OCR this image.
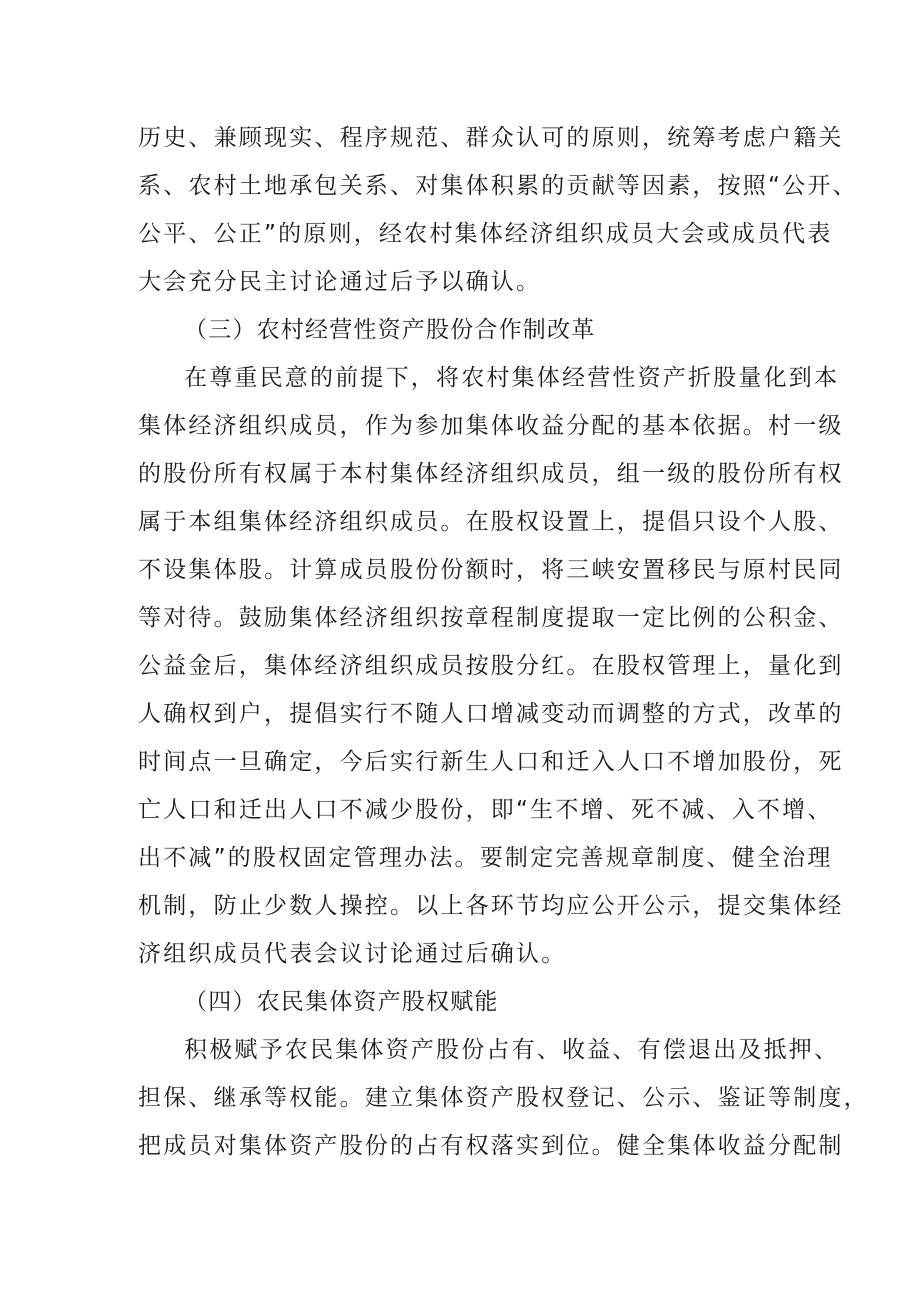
历史、兼顾现实、程序规范、群众认可的原则，统筹考虑户籍关
系、农村土地承包关系、对集体积累的贡献等因素，按照“公开、
公平、公正”的原则，经农村集体经济组织成员大会或成员代表
大会充分民主讨论通过后予以确认。
（三）农村经营性资产股份合作制改革
在尊重民意的前提下，将农村集体经营性资产折股量化到本
集体经济组织成员，作为参加集体收益分配的基本依据。村一级
的股份所有权属于本村集体经济组织成员，组一级的股份所有权
属于本组集体经济组织成员。在股权设置上，提倡只设个人股、
不设集体股。计算成员股份份额时，将三峡安置移民与原村民同
等对待。鼓励集体经济组织按章程制度提取一定比例的公积金、
公益金后，集体经济组织成员按股分红。在股权管理上，量化到
人确权到户，提倡实行不随人口增减变动而调整的方式，改革的
时间点一旦确定，今后实行新生人口和迁入人口不增加股份，死
亡人口和迁出人口不减少股份，即“生不增、死不减、入不增、
出不减”的股权固定管理办法。要制定完善规章制度、健全治理
机制，防止少数人操控。以上各环节均应公开公示，提交集体经
济组织成员代表会议讨论通过后确认。
（四）农民集体资产股权赋能
积极赋予农民集体资产股份占有、收益、有偿退出及抵押、
担保、继承等权能。建立集体资产股权登记、公示、鉴证等制度，
把成员对集体资产股份的占有权落实到位。健全集体收益分配制
